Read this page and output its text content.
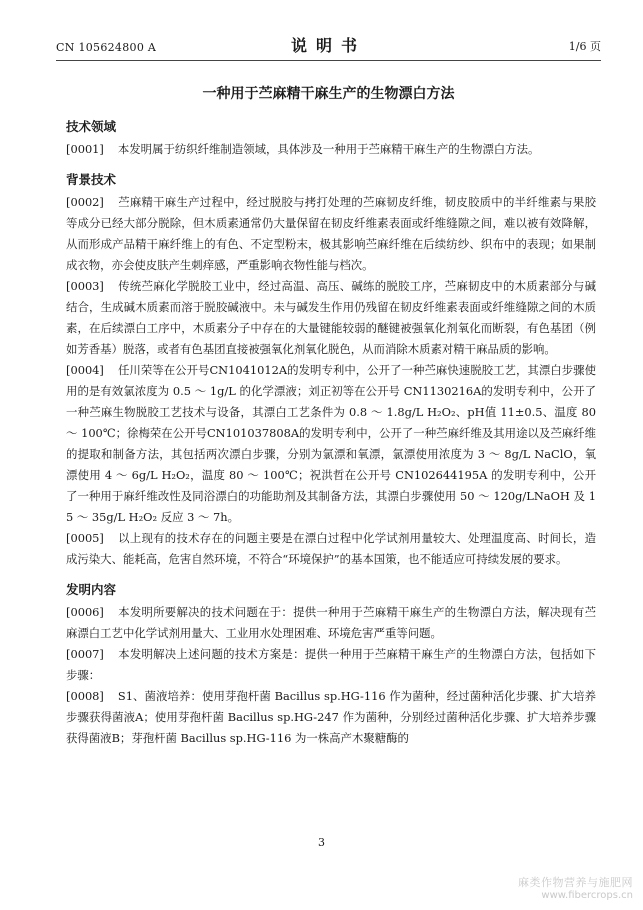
CN 105624800 A	说明书	1/6 页
一种用于苎麻精干麻生产的生物漂白方法
技术领域

[0001] 本发明属于纺织纤维制造领域，具体涉及一种用于苎麻精干麻生产的生物漂白方法。

背景技术

[0002] 苎麻精干麻生产过程中，经过脱胶与拷打处理的苎麻韧皮纤维，韧皮胶质中的半纤维素与果胶等成分已经大部分脱除，但木质素通常仍大量保留在韧皮纤维素表面或纤维缝隙之间，难以被有效降解，从而形成产品精干麻纤维上的有色、不定型粉末，极其影响苎麻纤维在后续纺纱、织布中的表现；如果制成衣物，亦会使皮肤产生刺痒感，严重影响衣物性能与档次。

[0003] 传统苎麻化学脱胶工业中，经过高温、高压、碱练的脱胶工序，苎麻韧皮中的木质素部分与碱结合，生成碱木质素而溶于脱胶碱液中。未与碱发生作用仍残留在韧皮纤维素表面或纤维缝隙之间的木质素，在后续漂白工序中，木质素分子中存在的大量键能较弱的醚键被强氧化剂氧化而断裂，有色基团（例如芳香基）脱落，或者有色基团直接被强氧化剂氧化脱色，从而消除木质素对精干麻品质的影响。

[0004] 任川荣等在公开号CN1041012A的发明专利中，公开了一种苎麻快速脱胶工艺，其漂白步骤使用的是有效氯浓度为 0.5 ～ 1g/L 的化学漂液；刘正初等在公开号 CN1130216A的发明专利中，公开了一种苎麻生物脱胶工艺技术与设备，其漂白工艺条件为 0.8 ～ 1.8g/L H₂O₂、pH值 11±0.5、温度 80 ～ 100℃；徐梅荣在公开号CN101037808A的发明专利中，公开了一种苎麻纤维及其用途以及苎麻纤维的提取和制备方法，其包括两次漂白步骤，分别为氯漂和氧漂，氯漂使用浓度为 3 ～ 8g/L NaClO，氧漂使用 4 ～ 6g/L H₂O₂，温度 80 ～ 100℃；祝洪哲在公开号 CN102644195A 的发明专利中，公开了一种用于麻纤维改性及同浴漂白的功能助剂及其制备方法，其漂白步骤使用 50 ～ 120g/LNaOH 及 15 ～ 35g/L H₂O₂ 反应 3 ～ 7h。

[0005] 以上现有的技术存在的问题主要是在漂白过程中化学试剂用量较大、处理温度高、时间长，造成污染大、能耗高，危害自然环境，不符合“环境保护”的基本国策，也不能适应可持续发展的要求。

发明内容

[0006] 本发明所要解决的技术问题在于：提供一种用于苎麻精干麻生产的生物漂白方法，解决现有苎麻漂白工艺中化学试剂用量大、工业用水处理困难、环境危害严重等问题。

[0007] 本发明解决上述问题的技术方案是：提供一种用于苎麻精干麻生产的生物漂白方法，包括如下步骤：

[0008] S1、菌液培养：使用芽孢杆菌 Bacillus sp.HG-116 作为菌种，经过菌种活化步骤、扩大培养步骤获得菌液A；使用芽孢杆菌 Bacillus sp.HG-247 作为菌种，分别经过菌种活化步骤、扩大培养步骤获得菌液B；芽孢杆菌 Bacillus sp.HG-116 为一株高产木聚糖酶的

3
麻类作物营养与施肥网
www.fibercrops.cn
